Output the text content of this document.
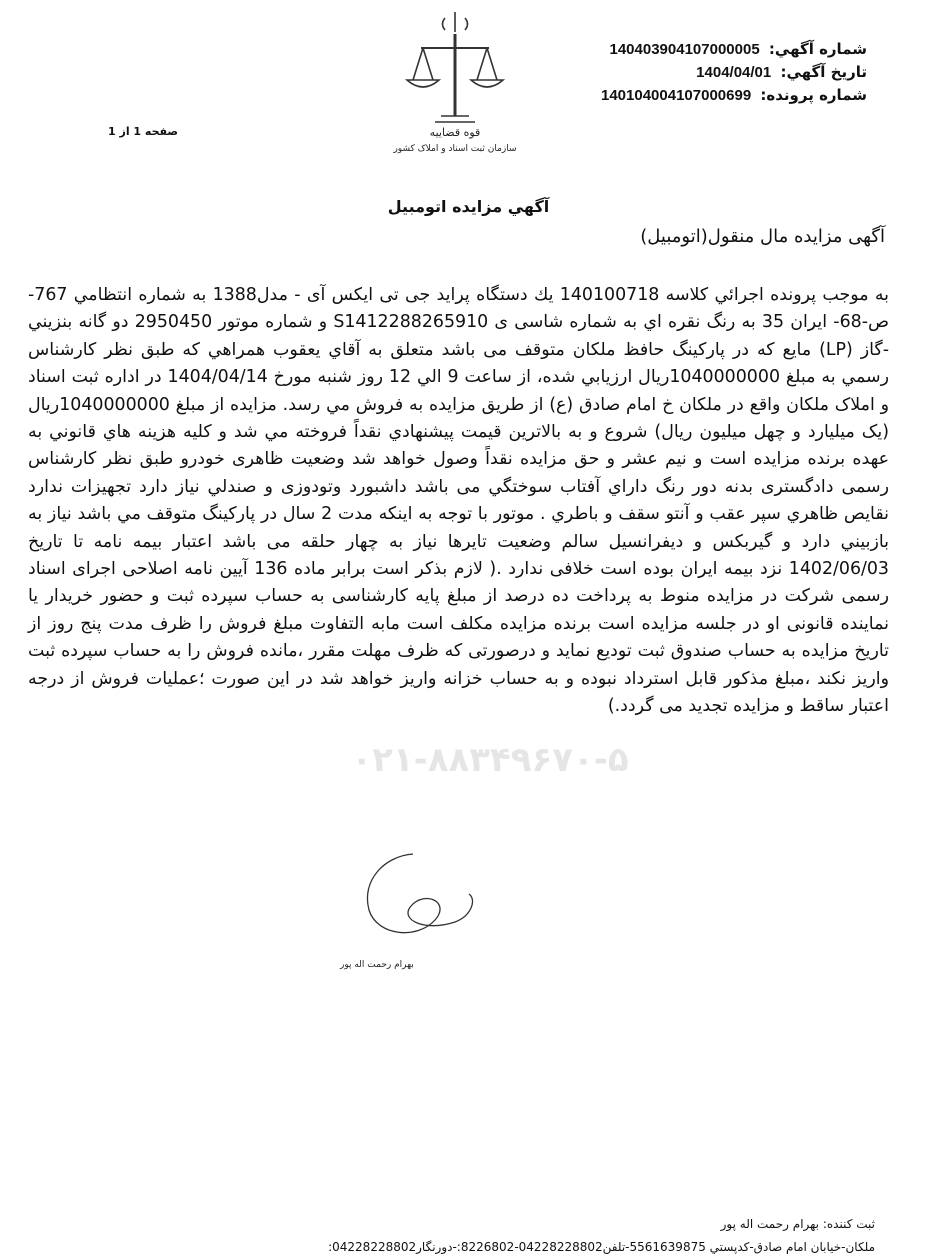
شماره آگهي: 140403904107000005
تاريخ آگهي: 1404/04/01
شماره پرونده: 140104004107000699
قوه قضاییه
سازمان ثبت اسناد و املاک کشور
صفحه 1 از 1
آگهي مزايده اتومبيل
آگهی مزایده مال منقول(اتومبیل)
۰۲۱-۸۸۳۴۹۶۷۰-۵
به موجب پرونده اجرائي كلاسه 140100718 يك دستگاه پرايد جی تی ایکس آی - مدل1388 به شماره انتظامي 767-ص-68- ايران 35 به رنگ نقره اي به شماره شاسی ی S1412288265910 و شماره موتور 2950450 دو گانه بنزيني -گاز (LP) مايع كه در پاركينگ حافظ ملكان متوقف می باشد متعلق به آقاي يعقوب همراهي كه طبق نظر كارشناس رسمي به مبلغ 1040000000ريال ارزيابي شده، از ساعت 9 الي 12 روز شنبه مورخ 1404/04/14 در اداره ثبت اسناد و املاک ملکان واقع در ملکان خ امام صادق (ع) از طريق مزايده به فروش مي رسد. مزايده از مبلغ 1040000000ريال (يک ميليارد و چهل ميليون ريال) شروع و به بالاترين قيمت پيشنهادي نقداً فروخته مي شد و كليه هزينه هاي قانوني به عهده برنده مزايده است و نيم عشر و حق مزايده نقداً وصول خواهد شد وضعیت ظاهری خودرو طبق نظر کارشناس رسمی دادگستری بدنه دور رنگ داراي آفتاب سوختگي می باشد داشبورد وتودوزی و صندلي نياز دارد تجهيزات ندارد نقايص ظاهري سپر عقب و آنتو سقف و باطري . موتور با توجه به اينكه مدت 2 سال در پاركينگ متوقف مي باشد نياز به بازبيني دارد و گيربكس و ديفرانسيل سالم وضعيت تايرها نياز به چهار حلقه می باشد اعتبار بيمه نامه تا تاريخ 1402/06/03 نزد بيمه ايران بوده است خلافی ندارد .( لازم بذكر است برابر ماده 136 آيين نامه اصلاحی اجرای اسناد رسمی شرکت در مزایده منوط به پرداخت ده درصد از مبلغ پایه کارشناسی به حساب سپرده ثبت و حضور خریدار یا نماینده قانونی او در جلسه مزایده است برنده مزایده مکلف است مابه التفاوت مبلغ فروش را ظرف مدت پنج روز از تاریخ مزایده به حساب صندوق ثبت تودیع نماید و درصورتی که ظرف مهلت مقرر ،مانده فروش را به حساب سپرده ثبت واریز نکند ،مبلغ مذکور قابل استرداد نبوده و به حساب خزانه واریز خواهد شد در این صورت ؛عملیات فروش از درجه اعتبار ساقط و مزایده تجدید می گردد.)
بهرام رحمت اله پور
ثبت كننده: بهرام رحمت اله پور
ملكان-خيابان امام صادق-كدپستي 5561639875-تلفن04228228802-8226802:-دورنگار04228228802:
